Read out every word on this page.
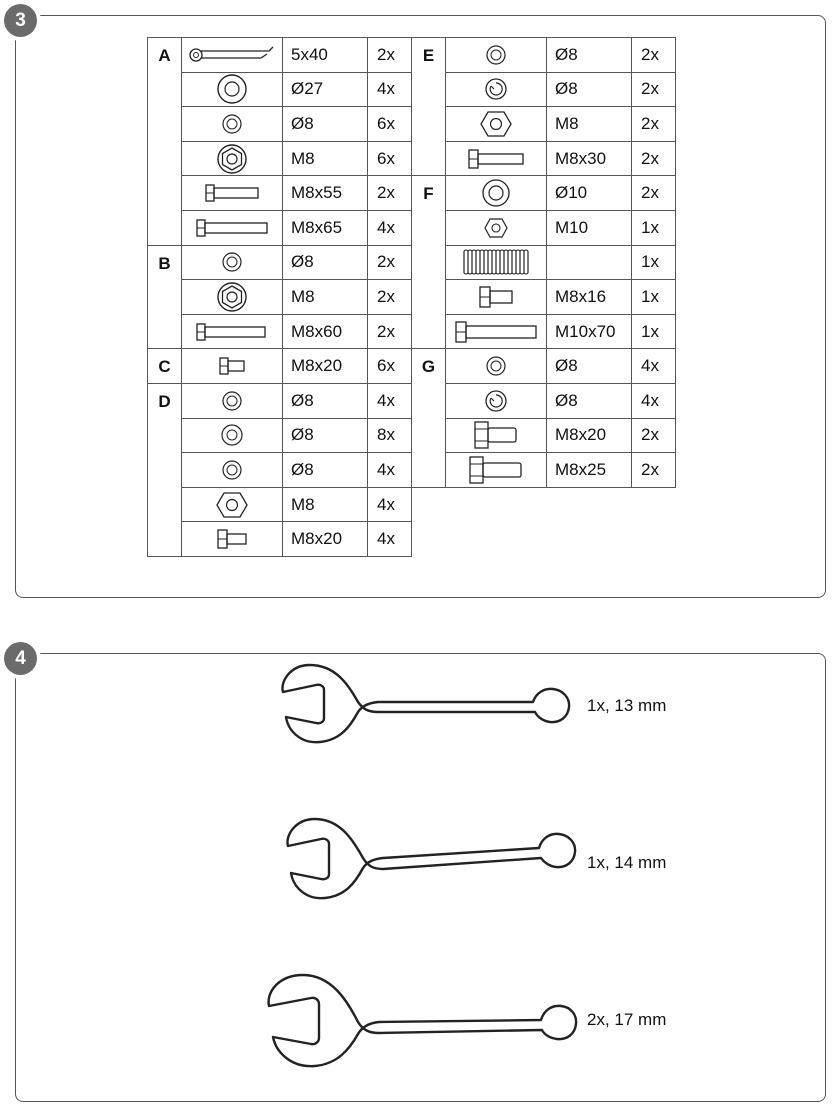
3
A		5x40	2x

	Ø27	4x

	Ø8	6x

	M8	6x

	M8x55	2x

	M8x65	4x
B		Ø8	2x

	M8	2x

	M8x60	2x
C		M8x20	6x
D		Ø8	4x

	Ø8	8x

	Ø8	4x

	M8	4x

	M8x20	4x
E		Ø8	2x

	Ø8	2x

	M8	2x

	M8x30	2x
F		Ø10	2x

	M10	1x

		1x

	M8x16	1x

	M10x70	1x
G		Ø8	4x

	Ø8	4x

	M8x20	2x

	M8x25	2x
4
1x, 13 mm
1x, 14 mm
2x, 17 mm
